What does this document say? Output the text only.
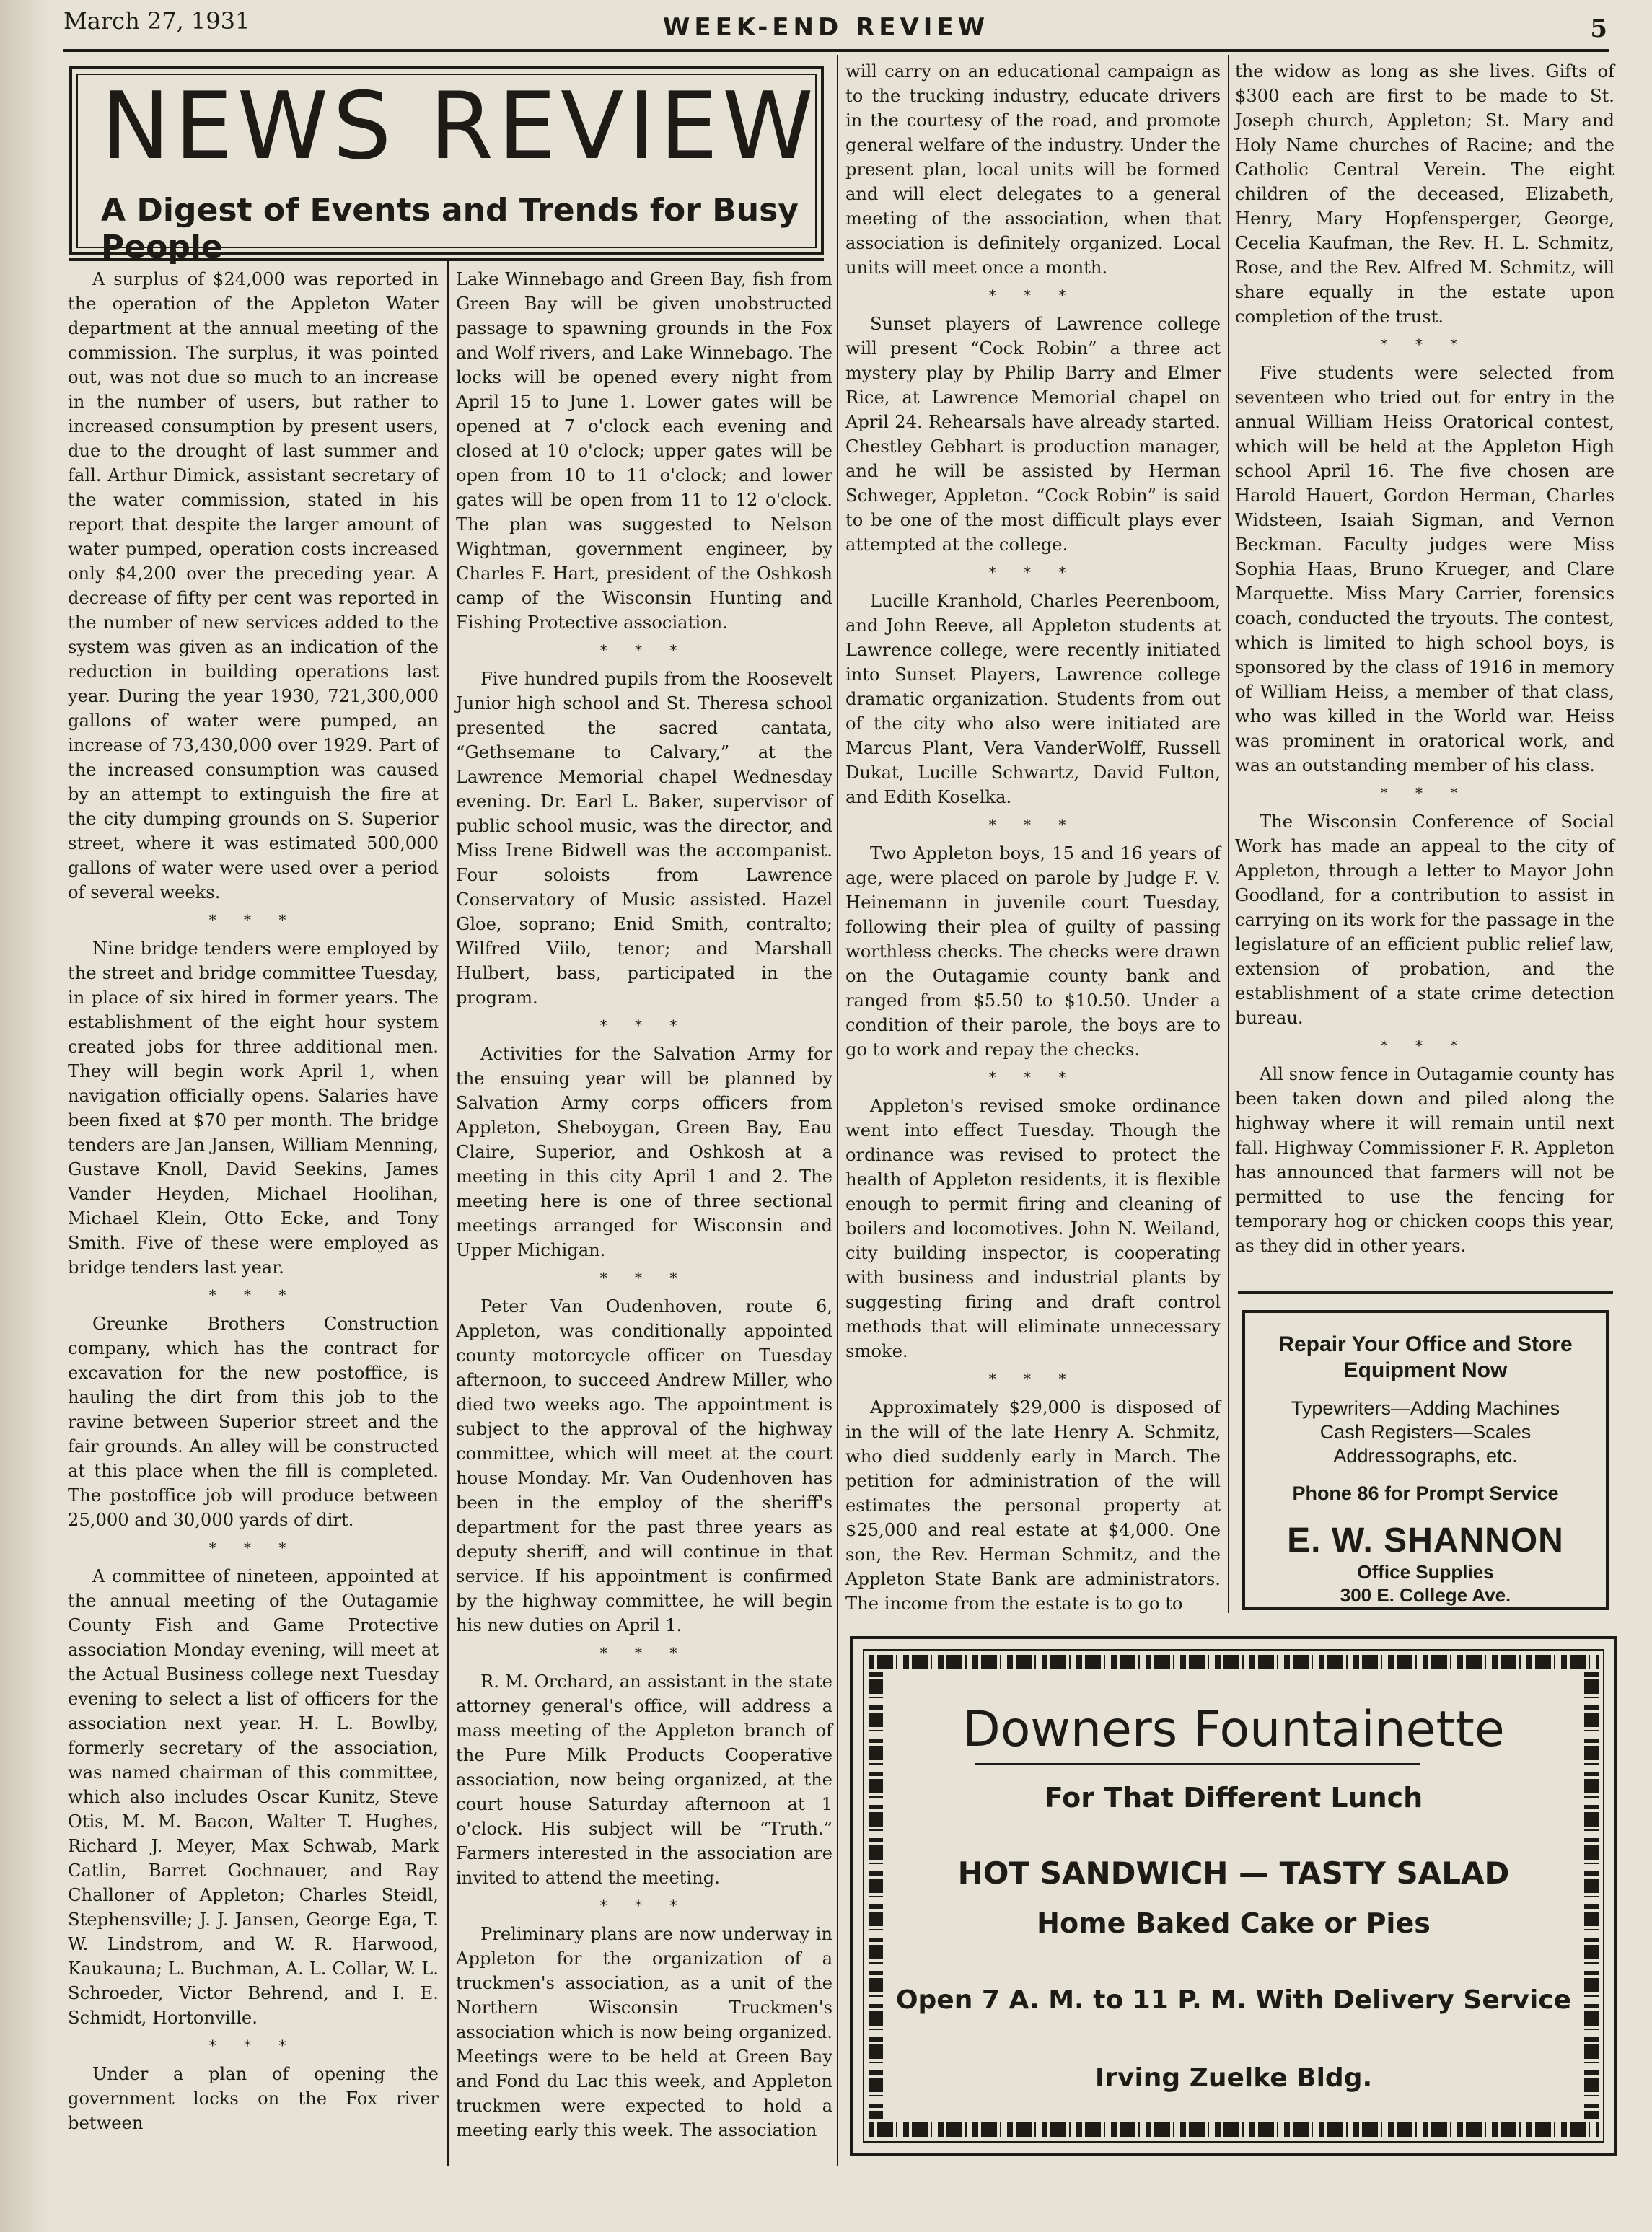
March 27, 1931	WEEK-END REVIEW	5
NEWS REVIEW
A Digest of Events and Trends for Busy People

A surplus of $24,000 was reported in the operation of the Appleton Water department at the annual meeting of the commission. The surplus, it was pointed out, was not due so much to an increase in the number of users, but rather to increased consumption by present users, due to the drought of last summer and fall. Arthur Dimick, assistant secretary of the water commission, stated in his report that despite the larger amount of water pumped, operation costs increased only $4,200 over the preceding year. A decrease of fifty per cent was reported in the number of new services added to the system was given as an indication of the reduction in building operations last year. During the year 1930, 721,300,000 gallons of water were pumped, an increase of 73,430,000 over 1929. Part of the increased consumption was caused by an attempt to extinguish the fire at the city dumping grounds on S. Superior street, where it was estimated 500,000 gallons of water were used over a period of several weeks.

* * *

Nine bridge tenders were employed by the street and bridge committee Tuesday, in place of six hired in former years. The establishment of the eight hour system created jobs for three additional men. They will begin work April 1, when navigation officially opens. Salaries have been fixed at $70 per month. The bridge tenders are Jan Jansen, William Menning, Gustave Knoll, David Seekins, James Vander Heyden, Michael Hoolihan, Michael Klein, Otto Ecke, and Tony Smith. Five of these were employed as bridge tenders last year.

* * *

Greunke Brothers Construction company, which has the contract for excavation for the new postoffice, is hauling the dirt from this job to the ravine between Superior street and the fair grounds. An alley will be constructed at this place when the fill is completed. The postoffice job will produce between 25,000 and 30,000 yards of dirt.

* * *

A committee of nineteen, appointed at the annual meeting of the Outagamie County Fish and Game Protective association Monday evening, will meet at the Actual Business college next Tuesday evening to select a list of officers for the association next year. H. L. Bowlby, formerly secretary of the association, was named chairman of this committee, which also includes Oscar Kunitz, Steve Otis, M. M. Bacon, Walter T. Hughes, Richard J. Meyer, Max Schwab, Mark Catlin, Barret Gochnauer, and Ray Challoner of Appleton; Charles Steidl, Stephensville; J. J. Jansen, George Ega, T. W. Lindstrom, and W. R. Harwood, Kaukauna; L. Buchman, A. L. Collar, W. L. Schroeder, Victor Behrend, and I. E. Schmidt, Hortonville.

* * *

Under a plan of opening the government locks on the Fox river between

Lake Winnebago and Green Bay, fish from Green Bay will be given unobstructed passage to spawning grounds in the Fox and Wolf rivers, and Lake Winnebago. The locks will be opened every night from April 15 to June 1. Lower gates will be opened at 7 o'clock each evening and closed at 10 o'clock; upper gates will be open from 10 to 11 o'clock; and lower gates will be open from 11 to 12 o'clock. The plan was suggested to Nelson Wightman, government engineer, by Charles F. Hart, president of the Oshkosh camp of the Wisconsin Hunting and Fishing Protective association.

* * *

Five hundred pupils from the Roosevelt Junior high school and St. Theresa school presented the sacred cantata, “Gethsemane to Calvary,” at the Lawrence Memorial chapel Wednesday evening. Dr. Earl L. Baker, supervisor of public school music, was the director, and Miss Irene Bidwell was the accompanist. Four soloists from Lawrence Conservatory of Music assisted. Hazel Gloe, soprano; Enid Smith, contralto; Wilfred Viilo, tenor; and Marshall Hulbert, bass, participated in the program.

* * *

Activities for the Salvation Army for the ensuing year will be planned by Salvation Army corps officers from Appleton, Sheboygan, Green Bay, Eau Claire, Superior, and Oshkosh at a meeting in this city April 1 and 2. The meeting here is one of three sectional meetings arranged for Wisconsin and Upper Michigan.

* * *

Peter Van Oudenhoven, route 6, Appleton, was conditionally appointed county motorcycle officer on Tuesday afternoon, to succeed Andrew Miller, who died two weeks ago. The appointment is subject to the approval of the highway committee, which will meet at the court house Monday. Mr. Van Oudenhoven has been in the employ of the sheriff's department for the past three years as deputy sheriff, and will continue in that service. If his appointment is confirmed by the highway committee, he will begin his new duties on April 1.

* * *

R. M. Orchard, an assistant in the state attorney general's office, will address a mass meeting of the Appleton branch of the Pure Milk Products Cooperative association, now being organized, at the court house Saturday afternoon at 1 o'clock. His subject will be “Truth.” Farmers interested in the association are invited to attend the meeting.

* * *

Preliminary plans are now underway in Appleton for the organization of a truckmen's association, as a unit of the Northern Wisconsin Truckmen's association which is now being organized. Meetings were to be held at Green Bay and Fond du Lac this week, and Appleton truckmen were expected to hold a meeting early this week. The association

will carry on an educational campaign as to the trucking industry, educate drivers in the courtesy of the road, and promote general welfare of the industry. Under the present plan, local units will be formed and will elect delegates to a general meeting of the association, when that association is definitely organized. Local units will meet once a month.

* * *

Sunset players of Lawrence college will present “Cock Robin” a three act mystery play by Philip Barry and Elmer Rice, at Lawrence Memorial chapel on April 24. Rehearsals have already started. Chestley Gebhart is production manager, and he will be assisted by Herman Schweger, Appleton. “Cock Robin” is said to be one of the most difficult plays ever attempted at the college.

* * *

Lucille Kranhold, Charles Peerenboom, and John Reeve, all Appleton students at Lawrence college, were recently initiated into Sunset Players, Lawrence college dramatic organization. Students from out of the city who also were initiated are Marcus Plant, Vera VanderWolff, Russell Dukat, Lucille Schwartz, David Fulton, and Edith Koselka.

* * *

Two Appleton boys, 15 and 16 years of age, were placed on parole by Judge F. V. Heinemann in juvenile court Tuesday, following their plea of guilty of passing worthless checks. The checks were drawn on the Outagamie county bank and ranged from $5.50 to $10.50. Under a condition of their parole, the boys are to go to work and repay the checks.

* * *

Appleton's revised smoke ordinance went into effect Tuesday. Though the ordinance was revised to protect the health of Appleton residents, it is flexible enough to permit firing and cleaning of boilers and locomotives. John N. Weiland, city building inspector, is cooperating with business and industrial plants by suggesting firing and draft control methods that will eliminate unnecessary smoke.

* * *

Approximately $29,000 is disposed of in the will of the late Henry A. Schmitz, who died suddenly early in March. The petition for administration of the will estimates the personal property at $25,000 and real estate at $4,000. One son, the Rev. Herman Schmitz, and the Appleton State Bank are administrators. The income from the estate is to go to

the widow as long as she lives. Gifts of $300 each are first to be made to St. Joseph church, Appleton; St. Mary and Holy Name churches of Racine; and the Catholic Central Verein. The eight children of the deceased, Elizabeth, Henry, Mary Hopfensperger, George, Cecelia Kaufman, the Rev. H. L. Schmitz, Rose, and the Rev. Alfred M. Schmitz, will share equally in the estate upon completion of the trust.

* * *

Five students were selected from seventeen who tried out for entry in the annual William Heiss Oratorical contest, which will be held at the Appleton High school April 16. The five chosen are Harold Hauert, Gordon Herman, Charles Widsteen, Isaiah Sigman, and Vernon Beckman. Faculty judges were Miss Sophia Haas, Bruno Krueger, and Clare Marquette. Miss Mary Carrier, forensics coach, conducted the tryouts. The contest, which is limited to high school boys, is sponsored by the class of 1916 in memory of William Heiss, a member of that class, who was killed in the World war. Heiss was prominent in oratorical work, and was an outstanding member of his class.

* * *

The Wisconsin Conference of Social Work has made an appeal to the city of Appleton, through a letter to Mayor John Goodland, for a contribution to assist in carrying on its work for the passage in the legislature of an efficient public relief law, extension of probation, and the establishment of a state crime detection bureau.

* * *

All snow fence in Outagamie county has been taken down and piled along the highway where it will remain until next fall. Highway Commissioner F. R. Appleton has announced that farmers will not be permitted to use the fencing for temporary hog or chicken coops this year, as they did in other years.

Repair Your Office and Store Equipment Now
Typewriters—Adding Machines
Cash Registers—Scales
Addressographs, etc.
Phone 86 for Prompt Service
E. W. SHANNON
Office Supplies
300 E. College Ave.
Downers Fountainette
For That Different Lunch
HOT SANDWICH — TASTY SALAD
Home Baked Cake or Pies
Open 7 A. M. to 11 P. M. With Delivery Service
Irving Zuelke Bldg.
